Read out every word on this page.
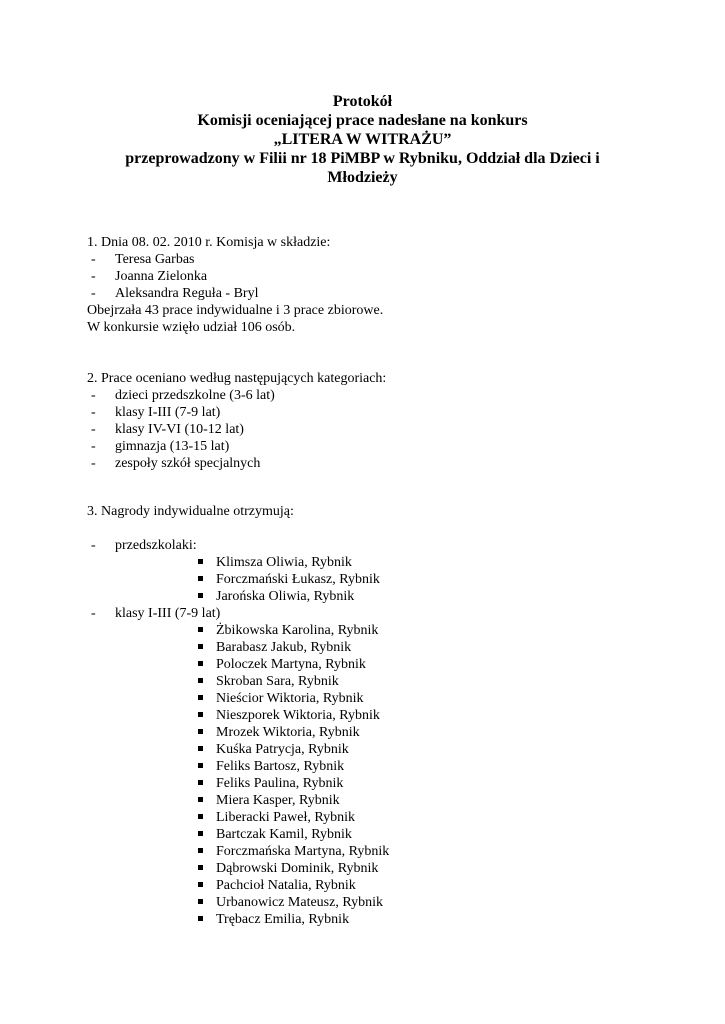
Protokół
Komisji oceniającej prace nadesłane na konkurs
„LITERA W WITRAŻU”
przeprowadzony w Filii nr 18 PiMBP w Rybniku, Oddział dla Dzieci i
Młodzieży
1. Dnia 08. 02. 2010 r. Komisja w składzie:
- Teresa Garbas
- Joanna Zielonka
- Aleksandra Reguła - Bryl
Obejrzała 43 prace indywidualne i 3 prace zbiorowe.
W konkursie wzięło udział 106 osób.
2. Prace oceniano według następujących kategoriach:
- dzieci przedszkolne (3-6 lat)
- klasy I-III (7-9 lat)
- klasy IV-VI (10-12 lat)
- gimnazja (13-15 lat)
- zespoły szkół specjalnych
3. Nagrody indywidualne otrzymują:
- przedszkolaki:
Klimsza Oliwia, Rybnik
Forczmański Łukasz, Rybnik
Jarońska Oliwia, Rybnik
- klasy I-III (7-9 lat)
Żbikowska Karolina, Rybnik
Barabasz Jakub, Rybnik
Poloczek Martyna, Rybnik
Skroban Sara, Rybnik
Nieścior Wiktoria, Rybnik
Nieszporek Wiktoria, Rybnik
Mrozek Wiktoria, Rybnik
Kuśka Patrycja, Rybnik
Feliks Bartosz, Rybnik
Feliks Paulina, Rybnik
Miera Kasper, Rybnik
Liberacki Paweł, Rybnik
Bartczak Kamil, Rybnik
Forczmańska Martyna, Rybnik
Dąbrowski Dominik, Rybnik
Pachcioł Natalia, Rybnik
Urbanowicz Mateusz, Rybnik
Trębacz Emilia, Rybnik
